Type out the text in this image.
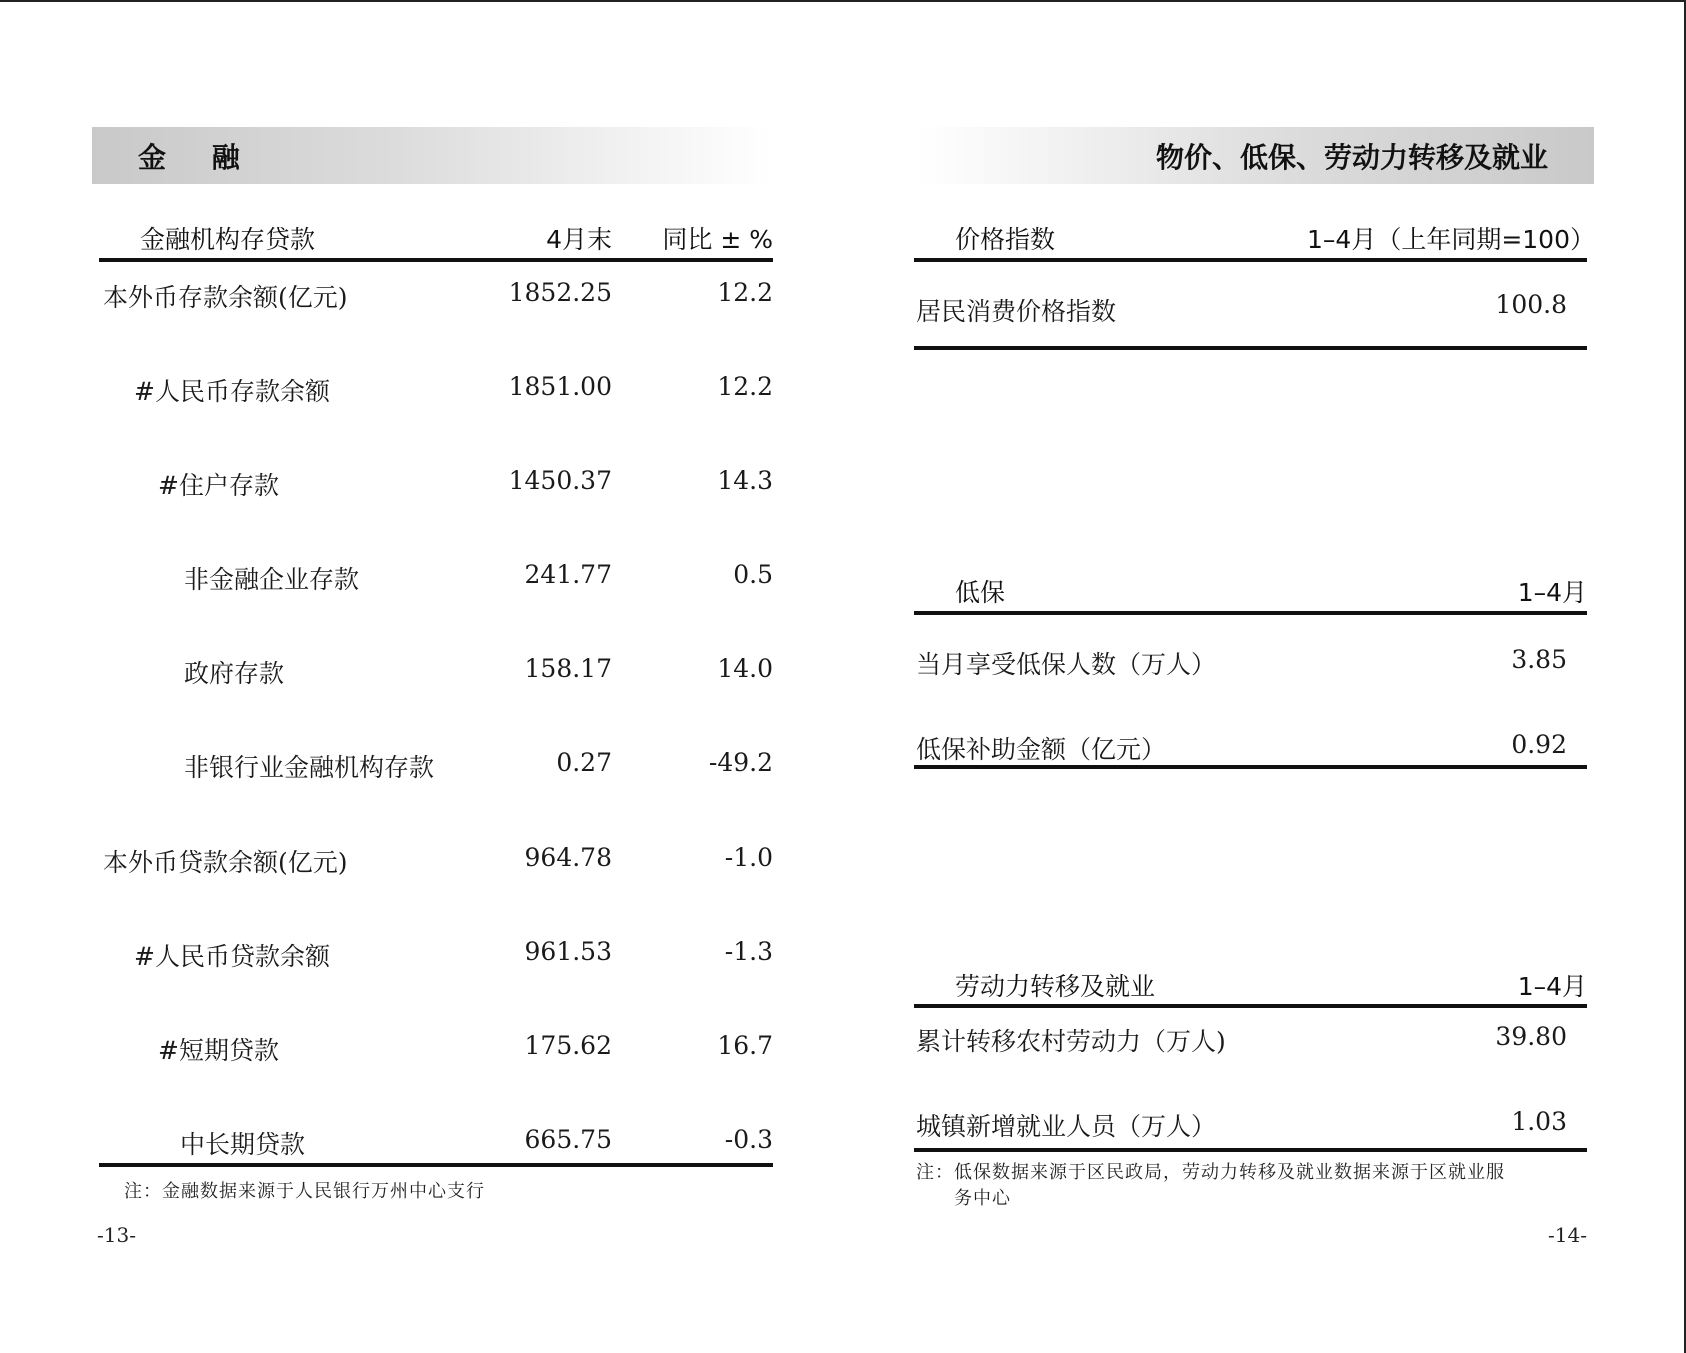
金 融
金融机构存贷款	4月末	同比 ± %
本外币存款余额(亿元)	1852.25	12.2
#人民币存款余额	1851.00	12.2
#住户存款	1450.37	14.3
非金融企业存款	241.77	0.5
政府存款	158.17	14.0
非银行业金融机构存款	0.27	-49.2
本外币贷款余额(亿元)	964.78	-1.0
#人民币贷款余额	961.53	-1.3
#短期贷款	175.62	16.7
中长期贷款	665.75	-0.3
注：金融数据来源于人民银行万州中心支行
-13-
物价、低保、劳动力转移及就业
价格指数	1–4月（上年同期=100）
居民消费价格指数	100.8
低保	1–4月
当月享受低保人数（万人）	3.85
低保补助金额（亿元）	0.92
劳动力转移及就业	1–4月
累计转移农村劳动力（万人)	39.80
城镇新增就业人员（万人）	1.03
注：低保数据来源于区民政局，劳动力转移及就业数据来源于区就业服
务中心
-14-
